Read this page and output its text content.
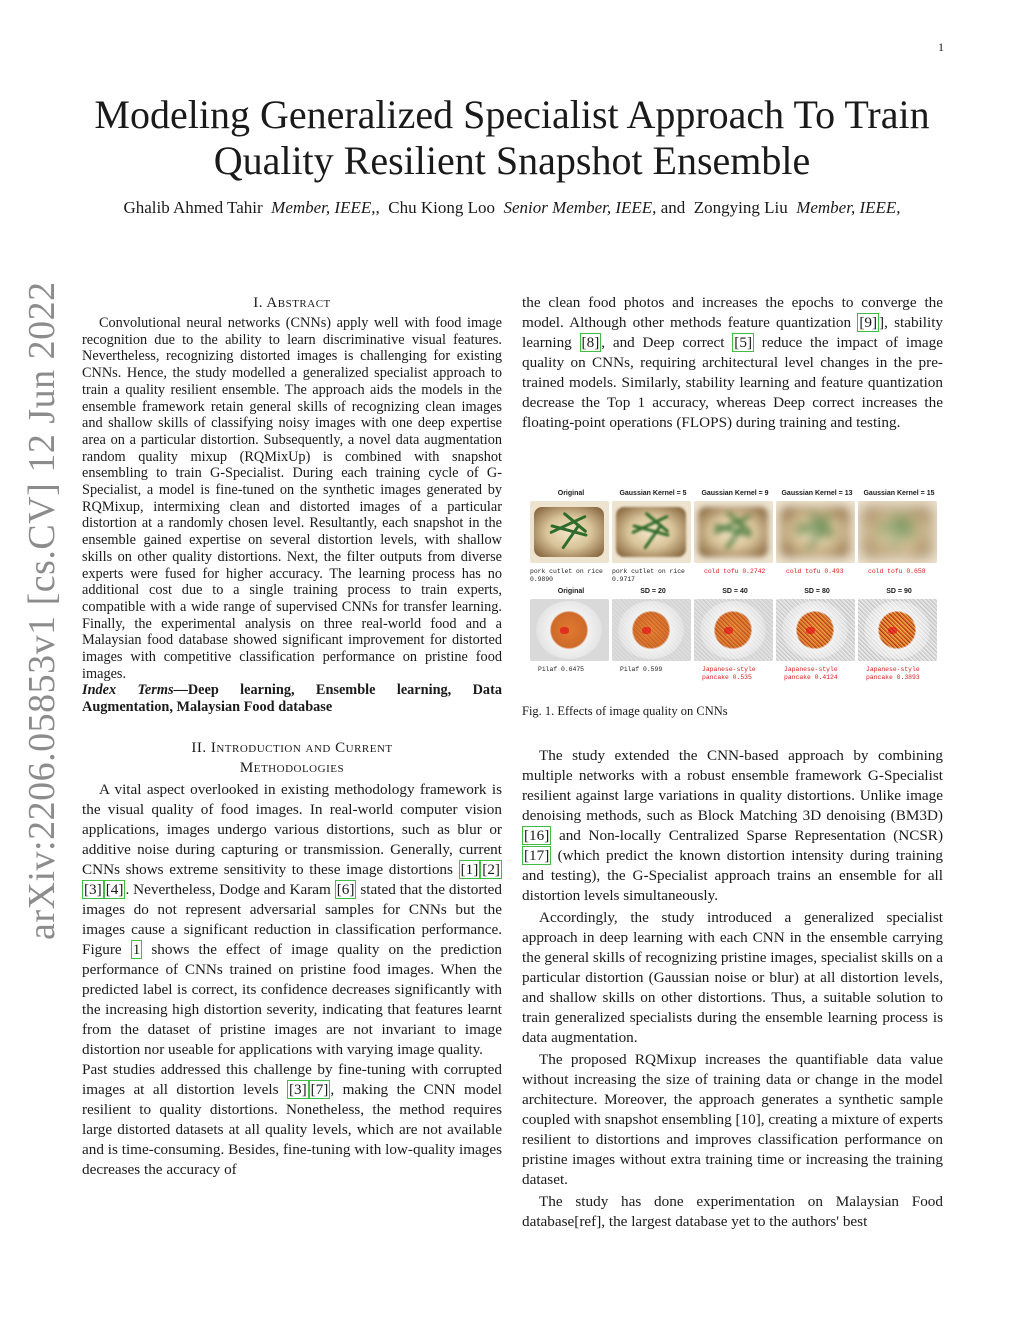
1
arXiv:2206.05853v1 [cs.CV] 12 Jun 2022
Modeling Generalized Specialist Approach To Train Quality Resilient Snapshot Ensemble
Ghalib Ahmed Tahir Member, IEEE,, Chu Kiong Loo Senior Member, IEEE, and Zongying Liu Member, IEEE,

I. Abstract

Convolutional neural networks (CNNs) apply well with food image recognition due to the ability to learn discriminative visual features. Nevertheless, recognizing distorted images is challenging for existing CNNs. Hence, the study modelled a generalized specialist approach to train a quality resilient ensemble. The approach aids the models in the ensemble framework retain general skills of recognizing clean images and shallow skills of classifying noisy images with one deep expertise area on a particular distortion. Subsequently, a novel data augmentation random quality mixup (RQMixUp) is combined with snapshot ensembling to train G-Specialist. During each training cycle of G-Specialist, a model is fine-tuned on the synthetic images generated by RQMixup, intermixing clean and distorted images of a particular distortion at a randomly chosen level. Resultantly, each snapshot in the ensemble gained expertise on several distortion levels, with shallow skills on other quality distortions. Next, the filter outputs from diverse experts were fused for higher accuracy. The learning process has no additional cost due to a single training process to train experts, compatible with a wide range of supervised CNNs for transfer learning. Finally, the experimental analysis on three real-world food and a Malaysian food database showed significant improvement for distorted images with competitive classification performance on pristine food images.

Index Terms—Deep learning, Ensemble learning, Data Augmentation, Malaysian Food database

II. Introduction and Current
Methodologies

A vital aspect overlooked in existing methodology framework is the visual quality of food images. In real-world computer vision applications, images undergo various distortions, such as blur or additive noise during capturing or transmission. Generally, current CNNs shows extreme sensitivity to these image distortions [1] [2][3] [4] . Nevertheless, Dodge and Karam [6] stated that the distorted images do not represent adversarial samples for CNNs but the images cause a significant reduction in classification performance. Figure 1 shows the effect of image quality on the prediction performance of CNNs trained on pristine food images. When the predicted label is correct, its confidence decreases significantly with the increasing high distortion severity, indicating that features learnt from the dataset of pristine images are not invariant to image distortion nor useable for applications with varying image quality.

Past studies addressed this challenge by fine-tuning with corrupted images at all distortion levels [3] [7] , making the CNN model resilient to quality distortions. Nonetheless, the method requires large distorted datasets at all quality levels, which are not available and is time-consuming. Besides, fine-tuning with low-quality images decreases the accuracy of

the clean food photos and increases the epochs to converge the model. Although other methods feature quantization [9] ], stability learning [8] , and Deep correct [5] reduce the impact of image quality on CNNs, requiring architectural level changes in the pre-trained models. Similarly, stability learning and feature quantization decrease the Top 1 accuracy, whereas Deep correct increases the floating-point operations (FLOPS) during training and testing.

Original
pork cutlet on rice 0.9890
Gaussian Kernel = 5
pork cutlet on rice 0.9717
Gaussian Kernel = 9
cold tofu 0.2742
Gaussian Kernel = 13
cold tofu 0.493
Gaussian Kernel = 15
cold tofu 0.658
Original
Pilaf 0.6475
SD = 20
Pilaf 0.599
SD = 40
Japanese-style pancake 0.535
SD = 80
Japanese-style pancake 0.4124
SD = 90
Japanese-style pancake 0.3893
Fig. 1. Effects of image quality on CNNs

The study extended the CNN-based approach by combining multiple networks with a robust ensemble framework G-Specialist resilient against large variations in quality distortions. Unlike image denoising methods, such as Block Matching 3D denoising (BM3D) [16] and Non-locally Centralized Sparse Representation (NCSR) [17] (which predict the known distortion intensity during training and testing), the G-Specialist approach trains an ensemble for all distortion levels simultaneously.

Accordingly, the study introduced a generalized specialist approach in deep learning with each CNN in the ensemble carrying the general skills of recognizing pristine images, specialist skills on a particular distortion (Gaussian noise or blur) at all distortion levels, and shallow skills on other distortions. Thus, a suitable solution to train generalized specialists during the ensemble learning process is data augmentation.

The proposed RQMixup increases the quantifiable data value without increasing the size of training data or change in the model architecture. Moreover, the approach generates a synthetic sample coupled with snapshot ensembling [10], creating a mixture of experts resilient to distortions and improves classification performance on pristine images without extra training time or increasing the training dataset.

The study has done experimentation on Malaysian Food database[ref], the largest database yet to the authors' best
